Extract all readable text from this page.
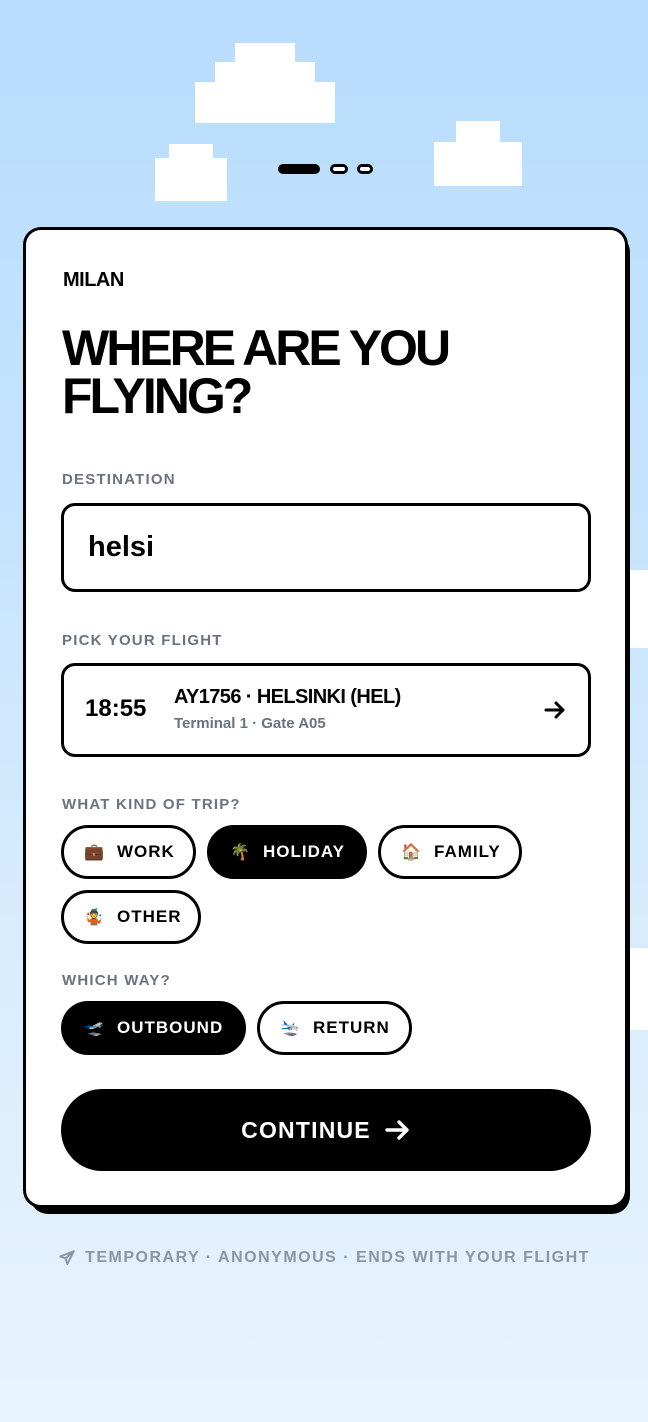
MILAN
WHERE ARE YOU FLYING?
DESTINATION
helsi
PICK YOUR FLIGHT
18:55 AY1756 · HELSINKI (HEL)
Terminal 1 · Gate A05
WHAT KIND OF TRIP?
💼 WORK	🌴 HOLIDAY	🏠 FAMILY
🤹 OTHER
WHICH WAY?
🛫 OUTBOUND	🛬 RETURN
CONTINUE
TEMPORARY · ANONYMOUS · ENDS WITH YOUR FLIGHT
